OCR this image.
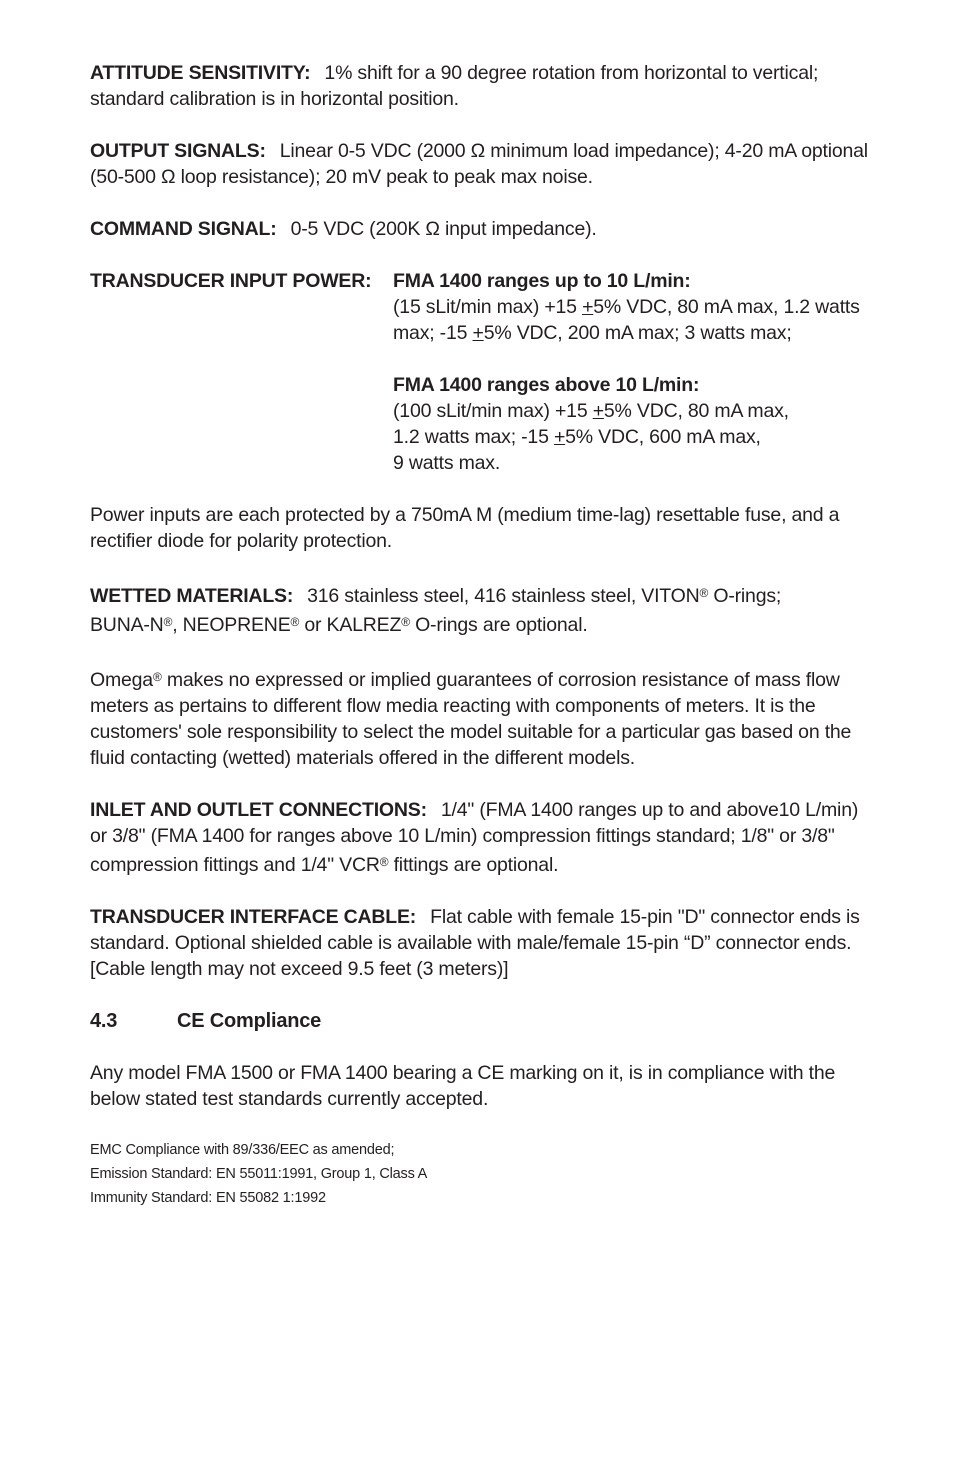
ATTITUDE SENSITIVITY: 1% shift for a 90 degree rotation from horizontal to vertical; standard calibration is in horizontal position.

OUTPUT SIGNALS: Linear 0-5 VDC (2000 Ω minimum load impedance); 4-20 mA optional (50-500 Ω loop resistance); 20 mV peak to peak max noise.

COMMAND SIGNAL: 0-5 VDC (200K Ω input impedance).

TRANSDUCER INPUT POWER:	FMA 1400 ranges up to 10 L/min:
(15 sLit/min max) +15 +5% VDC, 80 mA max, 1.2 watts max; -15 +5% VDC, 200 mA max; 3 watts max;
FMA 1400 ranges above 10 L/min:
(100 sLit/min max) +15 +5% VDC, 80 mA max,
1.2 watts max; -15 +5% VDC, 600 mA max,
9 watts max.

Power inputs are each protected by a 750mA M (medium time-lag) resettable fuse, and a rectifier diode for polarity protection.

WETTED MATERIALS: 316 stainless steel, 416 stainless steel, VITON® O-rings;
BUNA-N®, NEOPRENE® or KALREZ® O-rings are optional.

Omega® makes no expressed or implied guarantees of corrosion resistance of mass flow meters as pertains to different flow media reacting with components of meters. It is the customers' sole responsibility to select the model suitable for a particular gas based on the fluid contacting (wetted) materials offered in the different models.

INLET AND OUTLET CONNECTIONS: 1/4" (FMA 1400 ranges up to and above10 L/min) or 3/8" (FMA 1400 for ranges above 10 L/min) compression fittings standard; 1/8" or 3/8" compression fittings and 1/4" VCR® fittings are optional.

TRANSDUCER INTERFACE CABLE: Flat cable with female 15-pin "D" connector ends is standard. Optional shielded cable is available with male/female 15-pin “D” connector ends. [Cable length may not exceed 9.5 feet (3 meters)]

4.3	CE Compliance

Any model FMA 1500 or FMA 1400 bearing a CE marking on it, is in compliance with the below stated test standards currently accepted.

EMC Compliance with 89/336/EEC as amended;
Emission Standard: EN 55011:1991, Group 1, Class A
Immunity Standard: EN 55082 1:1992
